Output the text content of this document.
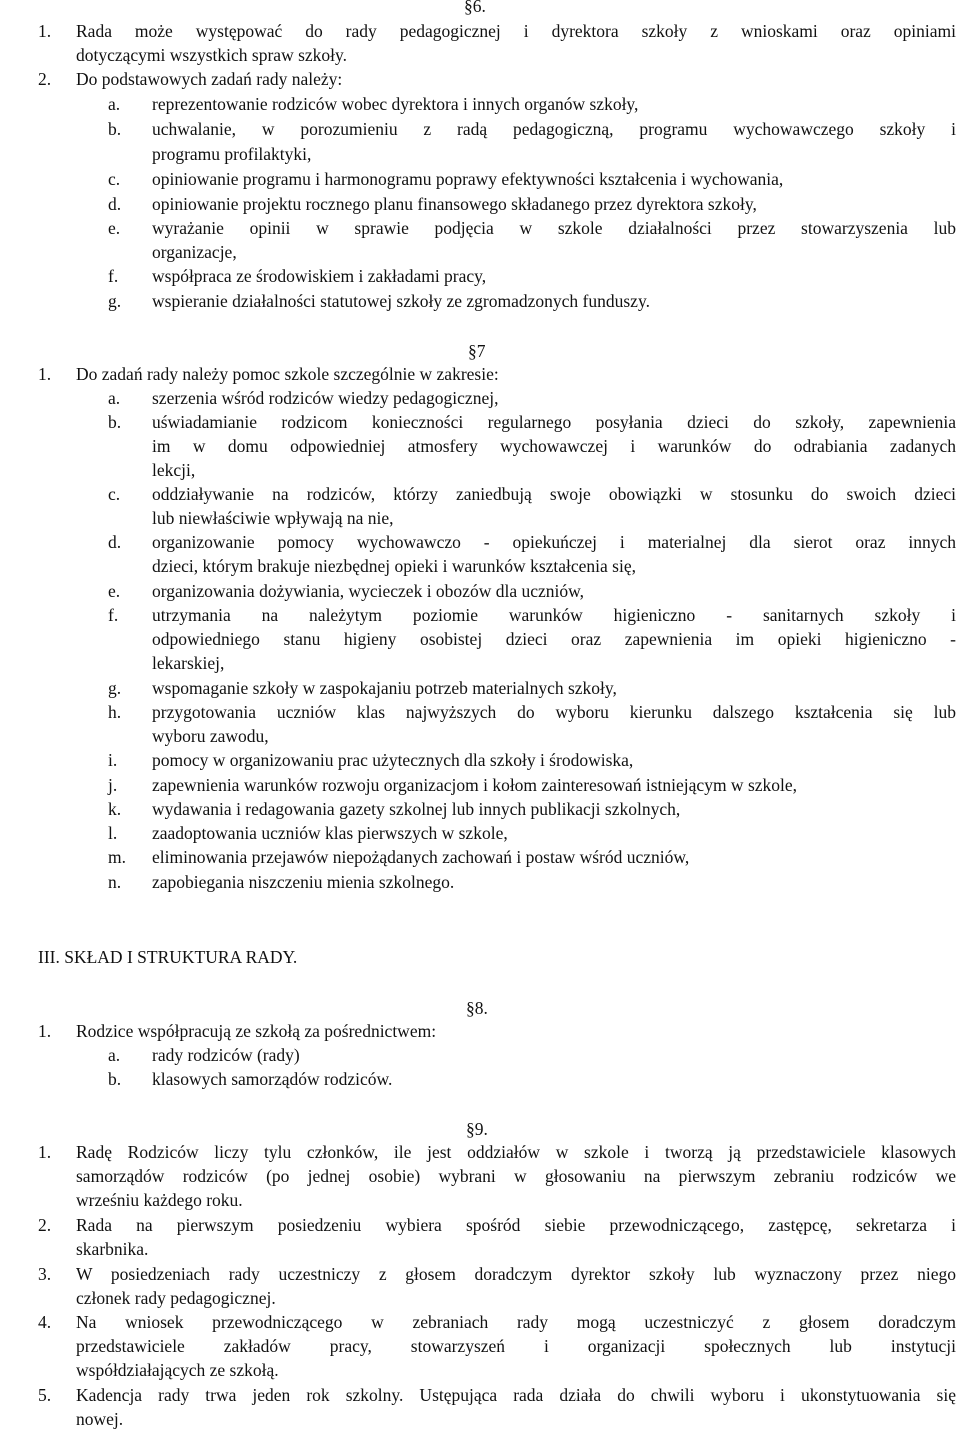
§6.
1. Rada może występować do rady pedagogicznej i dyrektora szkoły z wnioskami oraz opiniami
dotyczącymi wszystkich spraw szkoły.
2. Do podstawowych zadań rady należy:
a. reprezentowanie rodziców wobec dyrektora i innych organów szkoły,
b. uchwalanie, w porozumieniu z radą pedagogiczną, programu wychowawczego szkoły i
programu profilaktyki,
c. opiniowanie programu i harmonogramu poprawy efektywności kształcenia i wychowania,
d. opiniowanie projektu rocznego planu finansowego składanego przez dyrektora szkoły,
e. wyrażanie opinii w sprawie podjęcia w szkole działalności przez stowarzyszenia lub
organizacje,
f. współpraca ze środowiskiem i zakładami pracy,
g. wspieranie działalności statutowej szkoły ze zgromadzonych funduszy.
§7
1. Do zadań rady należy pomoc szkole szczególnie w zakresie:
a. szerzenia wśród rodziców wiedzy pedagogicznej,
b. uświadamianie rodzicom konieczności regularnego posyłania dzieci do szkoły, zapewnienia
im w domu odpowiedniej atmosfery wychowawczej i warunków do odrabiania zadanych
lekcji,
c. oddziaływanie na rodziców, którzy zaniedbują swoje obowiązki w stosunku do swoich dzieci
lub niewłaściwie wpływają na nie,
d. organizowanie pomocy wychowawczo - opiekuńczej i materialnej dla sierot oraz innych
dzieci, którym brakuje niezbędnej opieki i warunków kształcenia się,
e. organizowania dożywiania, wycieczek i obozów dla uczniów,
f. utrzymania na należytym poziomie warunków higieniczno - sanitarnych szkoły i
odpowiedniego stanu higieny osobistej dzieci oraz zapewnienia im opieki higieniczno -
lekarskiej,
g. wspomaganie szkoły w zaspokajaniu potrzeb materialnych szkoły,
h. przygotowania uczniów klas najwyższych do wyboru kierunku dalszego kształcenia się lub
wyboru zawodu,
i. pomocy w organizowaniu prac użytecznych dla szkoły i środowiska,
j. zapewnienia warunków rozwoju organizacjom i kołom zainteresowań istniejącym w szkole,
k. wydawania i redagowania gazety szkolnej lub innych publikacji szkolnych,
l. zaadoptowania uczniów klas pierwszych w szkole,
m. eliminowania przejawów niepożądanych zachowań i postaw wśród uczniów,
n. zapobiegania niszczeniu mienia szkolnego.
III. SKŁAD I STRUKTURA RADY.
§8.
1. Rodzice współpracują ze szkołą za pośrednictwem:
a. rady rodziców (rady)
b. klasowych samorządów rodziców.
§9.
1. Radę Rodziców liczy tylu członków, ile jest oddziałów w szkole i tworzą ją przedstawiciele klasowych
samorządów rodziców (po jednej osobie) wybrani w głosowaniu na pierwszym zebraniu rodziców we
wrześniu każdego roku.
2. Rada na pierwszym posiedzeniu wybiera spośród siebie przewodniczącego, zastępcę, sekretarza i
skarbnika.
3. W posiedzeniach rady uczestniczy z głosem doradczym dyrektor szkoły lub wyznaczony przez niego
członek rady pedagogicznej.
4. Na wniosek przewodniczącego w zebraniach rady mogą uczestniczyć z głosem doradczym
przedstawiciele zakładów pracy, stowarzyszeń i organizacji społecznych lub instytucji
współdziałających ze szkołą.
5. Kadencja rady trwa jeden rok szkolny. Ustępująca rada działa do chwili wyboru i ukonstytuowania się
nowej.
